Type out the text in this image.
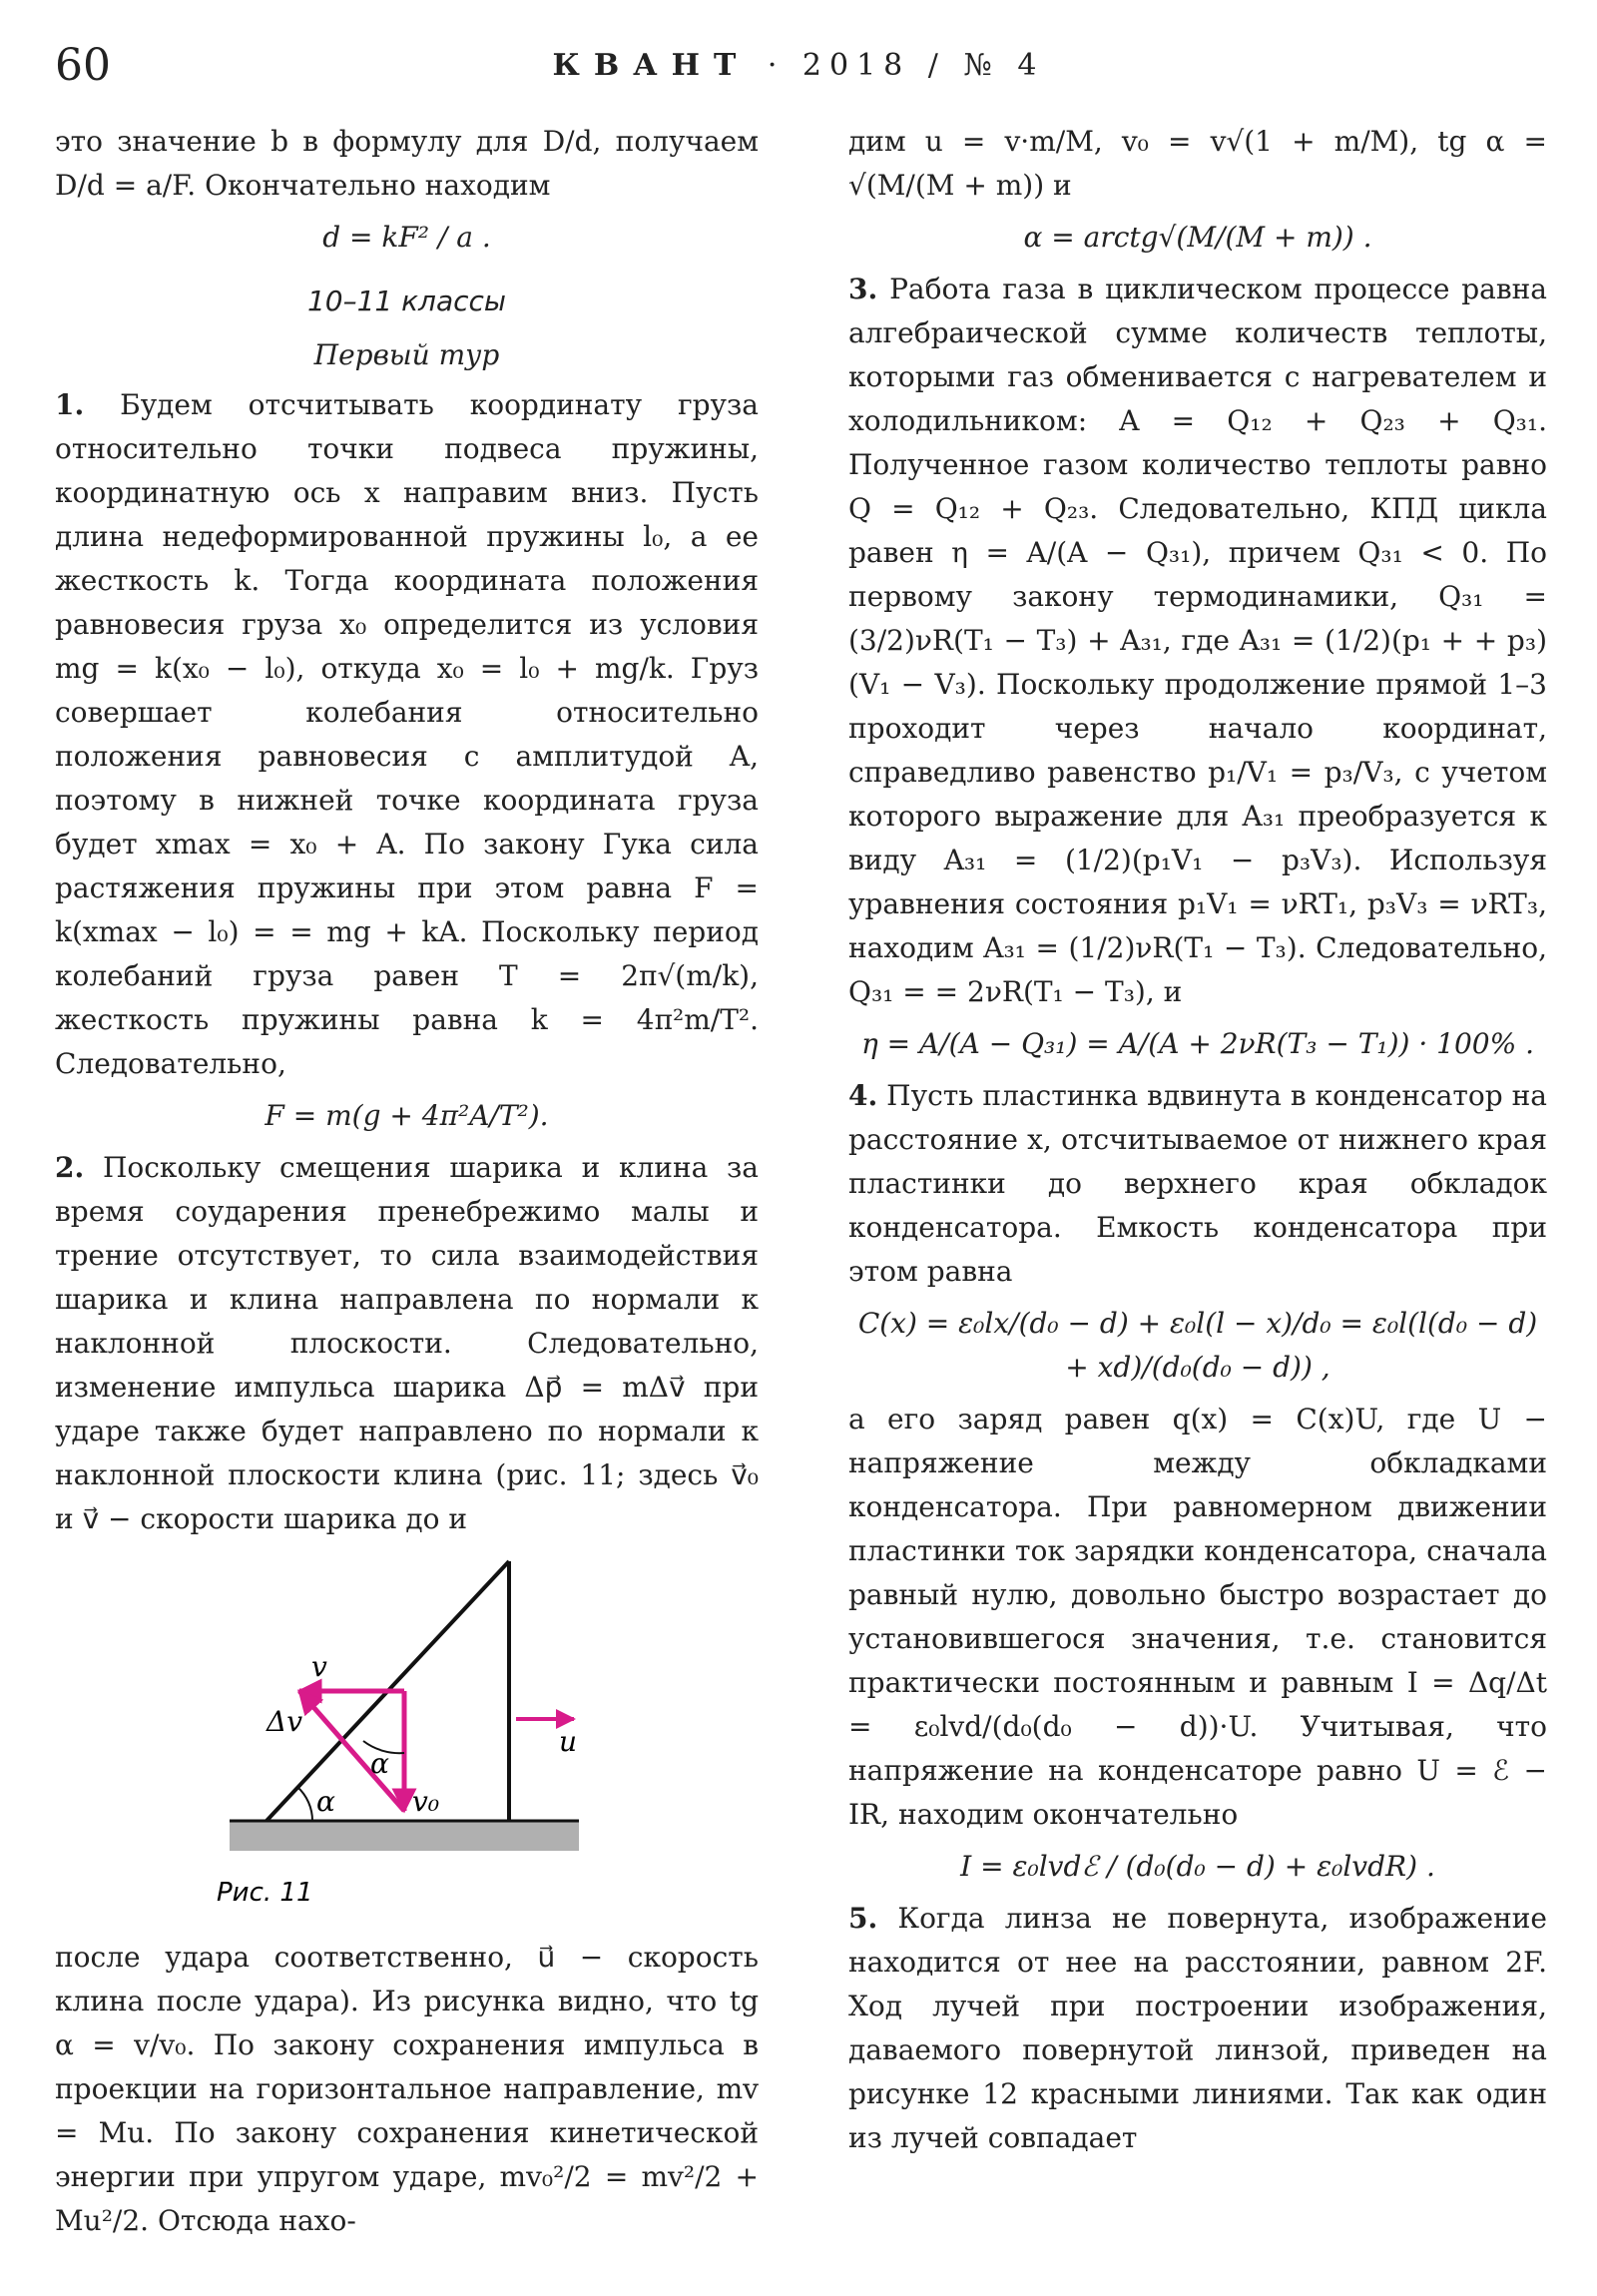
60	КВАНТ · 2018 / № 4

это значение b в формулу для D/d, получаем D/d = a/F. Окончательно находим

d = kF² / a .

10–11 классы
Первый тур

1. Будем отсчитывать координату груза относительно точки подвеса пружины, координатную ось x направим вниз. Пусть длина недеформированной пружины l₀, а ее жесткость k. Тогда координата положения равновесия груза x₀ определится из условия mg = k(x₀ − l₀), откуда x₀ = l₀ + mg/k. Груз совершает колебания относительно положения равновесия с амплитудой A, поэтому в нижней точке координата груза будет xmax = x₀ + A. По закону Гука сила растяжения пружины при этом равна F = k(xmax − l₀) = = mg + kA. Поскольку период колебаний груза равен T = 2π√(m/k), жесткость пружины равна k = 4π²m/T². Следовательно,

F = m(g + 4π²A/T²).

2. Поскольку смещения шарика и клина за время соударения пренебрежимо малы и трение отсутствует, то сила взаимодействия шарика и клина направлена по нормали к наклонной плоскости. Следовательно, изменение импульса шарика Δp⃗ = mΔv⃗ при ударе также будет направлено по нормали к наклонной плоскости клина (рис. 11; здесь v⃗₀ и v⃗ − скорости шарика до и

v
Δv
α
v₀
α
u
Рис. 11

после удара соответственно, u⃗ − скорость клина после удара). Из рисунка видно, что tg α = v/v₀. По закону сохранения импульса в проекции на горизонтальное направление, mv = Mu. По закону сохранения кинетической энергии при упругом ударе, mv₀²/2 = mv²/2 + Mu²/2. Отсюда нахо-

дим u = v·m/M, v₀ = v√(1 + m/M), tg α = √(M/(M + m)) и

α = arctg√(M/(M + m)) .

3. Работа газа в циклическом процессе равна алгебраической сумме количеств теплоты, которыми газ обменивается с нагревателем и холодильником: A = Q₁₂ + Q₂₃ + Q₃₁. Полученное газом количество теплоты равно Q = Q₁₂ + Q₂₃. Следовательно, КПД цикла равен η = A/(A − Q₃₁), причем Q₃₁ < 0. По первому закону термодинамики, Q₃₁ = (3/2)νR(T₁ − T₃) + A₃₁, где A₃₁ = (1/2)(p₁ + + p₃)(V₁ − V₃). Поскольку продолжение прямой 1–3 проходит через начало координат, справедливо равенство p₁/V₁ = p₃/V₃, с учетом которого выражение для A₃₁ преобразуется к виду A₃₁ = (1/2)(p₁V₁ − p₃V₃). Используя уравнения состояния p₁V₁ = νRT₁, p₃V₃ = νRT₃, находим A₃₁ = (1/2)νR(T₁ − T₃). Следовательно, Q₃₁ = = 2νR(T₁ − T₃), и

η = A/(A − Q₃₁) = A/(A + 2νR(T₃ − T₁)) · 100% .

4. Пусть пластинка вдвинута в конденсатор на расстояние x, отсчитываемое от нижнего края пластинки до верхнего края обкладок конденсатора. Емкость конденсатора при этом равна

C(x) = ε₀lx/(d₀ − d) + ε₀l(l − x)/d₀ = ε₀l(l(d₀ − d) + xd)/(d₀(d₀ − d)) ,

а его заряд равен q(x) = C(x)U, где U − напряжение между обкладками конденсатора. При равномерном движении пластинки ток зарядки конденсатора, сначала равный нулю, довольно быстро возрастает до установившегося значения, т.е. становится практически постоянным и равным I = Δq/Δt = ε₀lvd/(d₀(d₀ − d))·U. Учитывая, что напряжение на конденсаторе равно U = ℰ − IR, находим окончательно

I = ε₀lvdℰ / (d₀(d₀ − d) + ε₀lvdR) .

5. Когда линза не повернута, изображение находится от нее на расстоянии, равном 2F. Ход лучей при построении изображения, даваемого повернутой линзой, приведен на рисунке 12 красными линиями. Так как один из лучей совпадает
